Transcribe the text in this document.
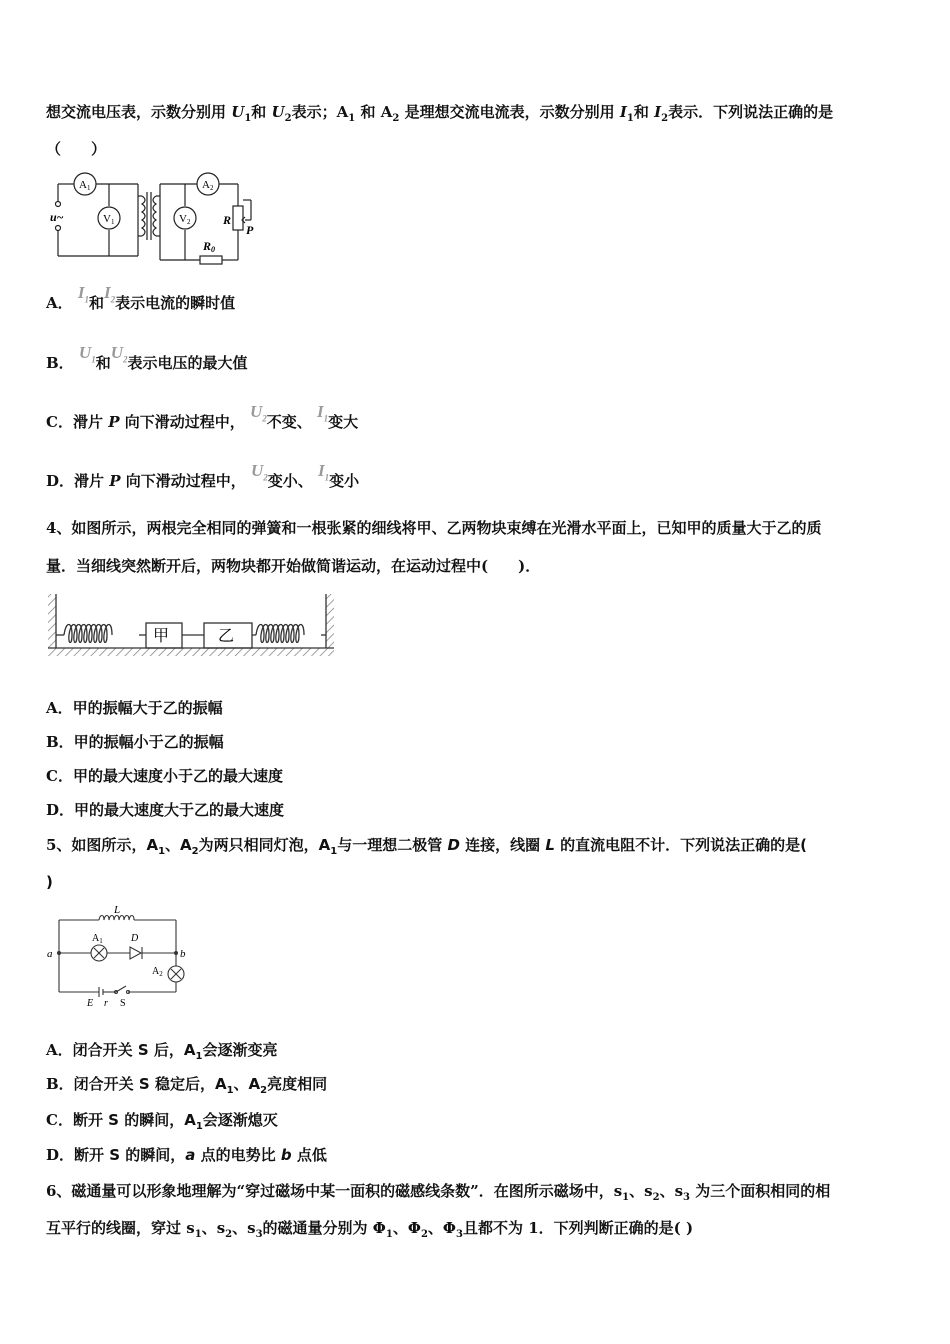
想交流电压表，示数分别用 $U_1$和 $U_2$表示；$A_1$ 和 $A_2$ 是理想交流电流表，示数分别用 $I_1$和 $I_2$表示．下列说法正确的是
（　　）
u~
A1	A2
V1	V2	R
P
R0
A． $I_1$和$I_2$表示电流的瞬时值
B． $U_1$和$U_2$表示电压的最大值
C．滑片 P 向下滑动过程中， $U_2$不变、 $I_1$变大
D．滑片 P 向下滑动过程中， $U_2$变小、 $I_1$变小
4、如图所示，两根完全相同的弹簧和一根张紧的细线将甲、乙两物块束缚在光滑水平面上，已知甲的质量大于乙的质
量．当细线突然断开后，两物块都开始做简谐运动，在运动过程中(　　)．
甲	乙
A．甲的振幅大于乙的振幅
B．甲的振幅小于乙的振幅
C．甲的最大速度小于乙的最大速度
D．甲的最大速度大于乙的最大速度
5、如图所示，$A_1$、$A_2$为两只相同灯泡，$A_1$与一理想二极管 D 连接，线圈 L 的直流电阻不计．下列说法正确的是(
)
L
a	b
$A_1$	D
$A_2$
E r S
A．闭合开关 S 后，$A_1$会逐渐变亮
B．闭合开关 S 稳定后，$A_1$、$A_2$亮度相同
C．断开 S 的瞬间，$A_1$会逐渐熄灭
D．断开 S 的瞬间，a 点的电势比 b 点低
6、磁通量可以形象地理解为“穿过磁场中某一面积的磁感线条数”．在图所示磁场中，$s_1$、$s_2$、$s_3$ 为三个面积相同的相
互平行的线圈，穿过 $s_1$、$s_2$、$s_3$的磁通量分别为 $\Phi_1$、$\Phi_2$、$\Phi_3$且都不为 1．下列判断正确的是( )
